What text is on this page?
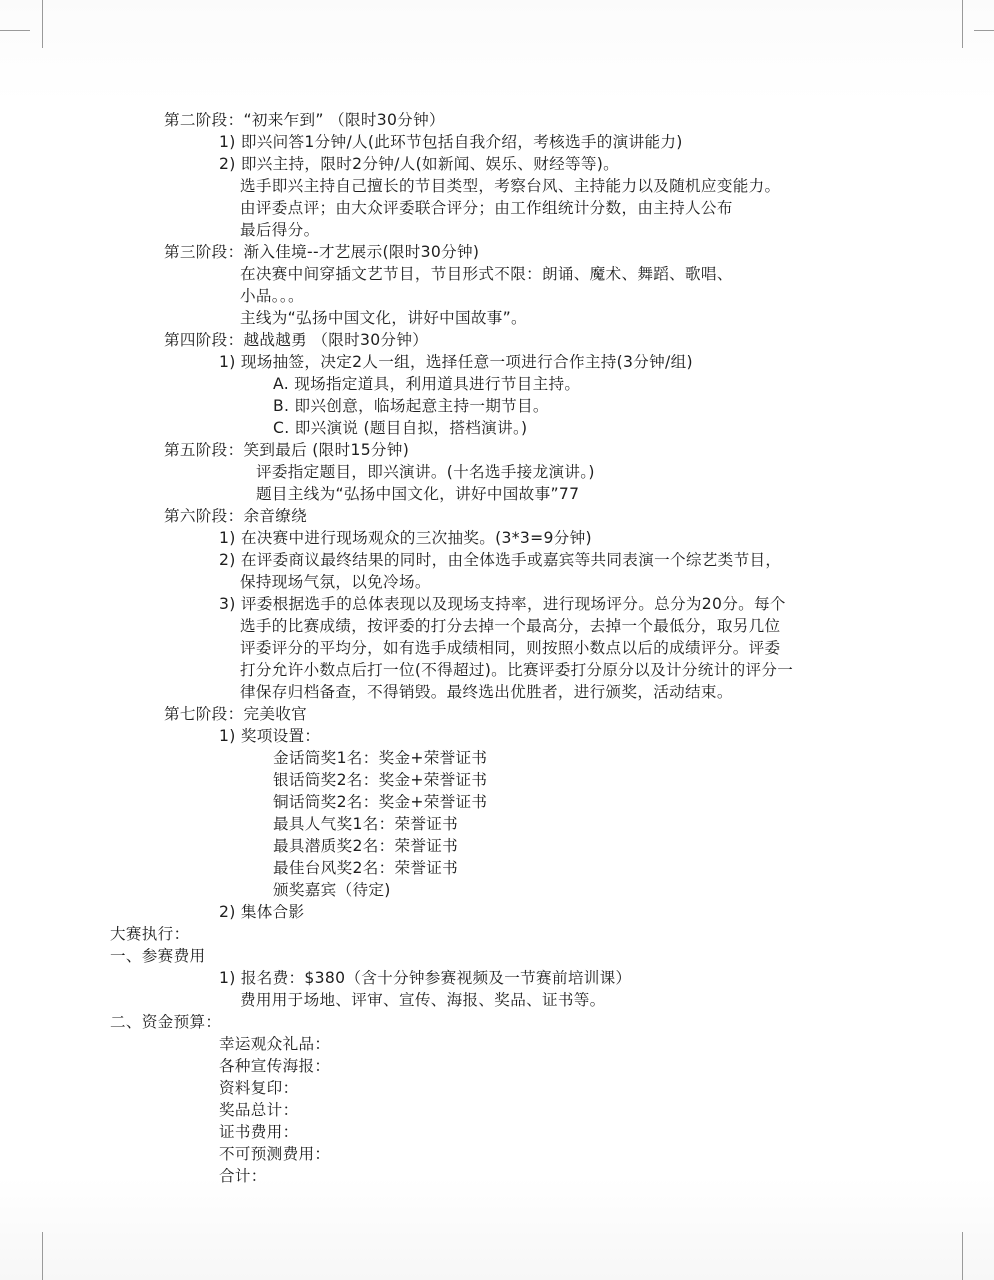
第二阶段：“初来乍到” （限时30分钟）
1) 即兴问答1分钟/人(此环节包括自我介绍，考核选手的演讲能力)
2) 即兴主持，限时2分钟/人(如新闻、娱乐、财经等等)。
选手即兴主持自己擅长的节目类型，考察台风、主持能力以及随机应变能力。
由评委点评；由大众评委联合评分；由工作组统计分数，由主持人公布
最后得分。
第三阶段：渐入佳境--才艺展示(限时30分钟)
在决赛中间穿插文艺节目，节目形式不限：朗诵、魔术、舞蹈、歌唱、
小品。。。
主线为“弘扬中国文化，讲好中国故事”。
第四阶段：越战越勇 （限时30分钟）
1) 现场抽签，决定2人一组，选择任意一项进行合作主持(3分钟/组)
A. 现场指定道具，利用道具进行节目主持。
B. 即兴创意，临场起意主持一期节目。
C. 即兴演说 (题目自拟，搭档演讲。)
第五阶段：笑到最后 (限时15分钟)
评委指定题目，即兴演讲。(十名选手接龙演讲。)
题目主线为“弘扬中国文化，讲好中国故事”77
第六阶段：余音缭绕
1) 在决赛中进行现场观众的三次抽奖。(3*3=9分钟)
2) 在评委商议最终结果的同时，由全体选手或嘉宾等共同表演一个综艺类节目，
保持现场气氛，以免冷场。
3) 评委根据选手的总体表现以及现场支持率，进行现场评分。总分为20分。每个
选手的比赛成绩，按评委的打分去掉一个最高分，去掉一个最低分，取另几位
评委评分的平均分，如有选手成绩相同，则按照小数点以后的成绩评分。评委
打分允许小数点后打一位(不得超过)。比赛评委打分原分以及计分统计的评分一
律保存归档备查，不得销毁。最终选出优胜者，进行颁奖，活动结束。
第七阶段：完美收官
1) 奖项设置：
金话筒奖1名：奖金+荣誉证书
银话筒奖2名：奖金+荣誉证书
铜话筒奖2名：奖金+荣誉证书
最具人气奖1名：荣誉证书
最具潜质奖2名：荣誉证书
最佳台风奖2名：荣誉证书
颁奖嘉宾（待定)
2) 集体合影
大赛执行：
一、参赛费用
1) 报名费：$380（含十分钟参赛视频及一节赛前培训课）
费用用于场地、评审、宣传、海报、奖品、证书等。
二、资金预算：
幸运观众礼品：
各种宣传海报：
资料复印：
奖品总计：
证书费用：
不可预测费用：
合计：
